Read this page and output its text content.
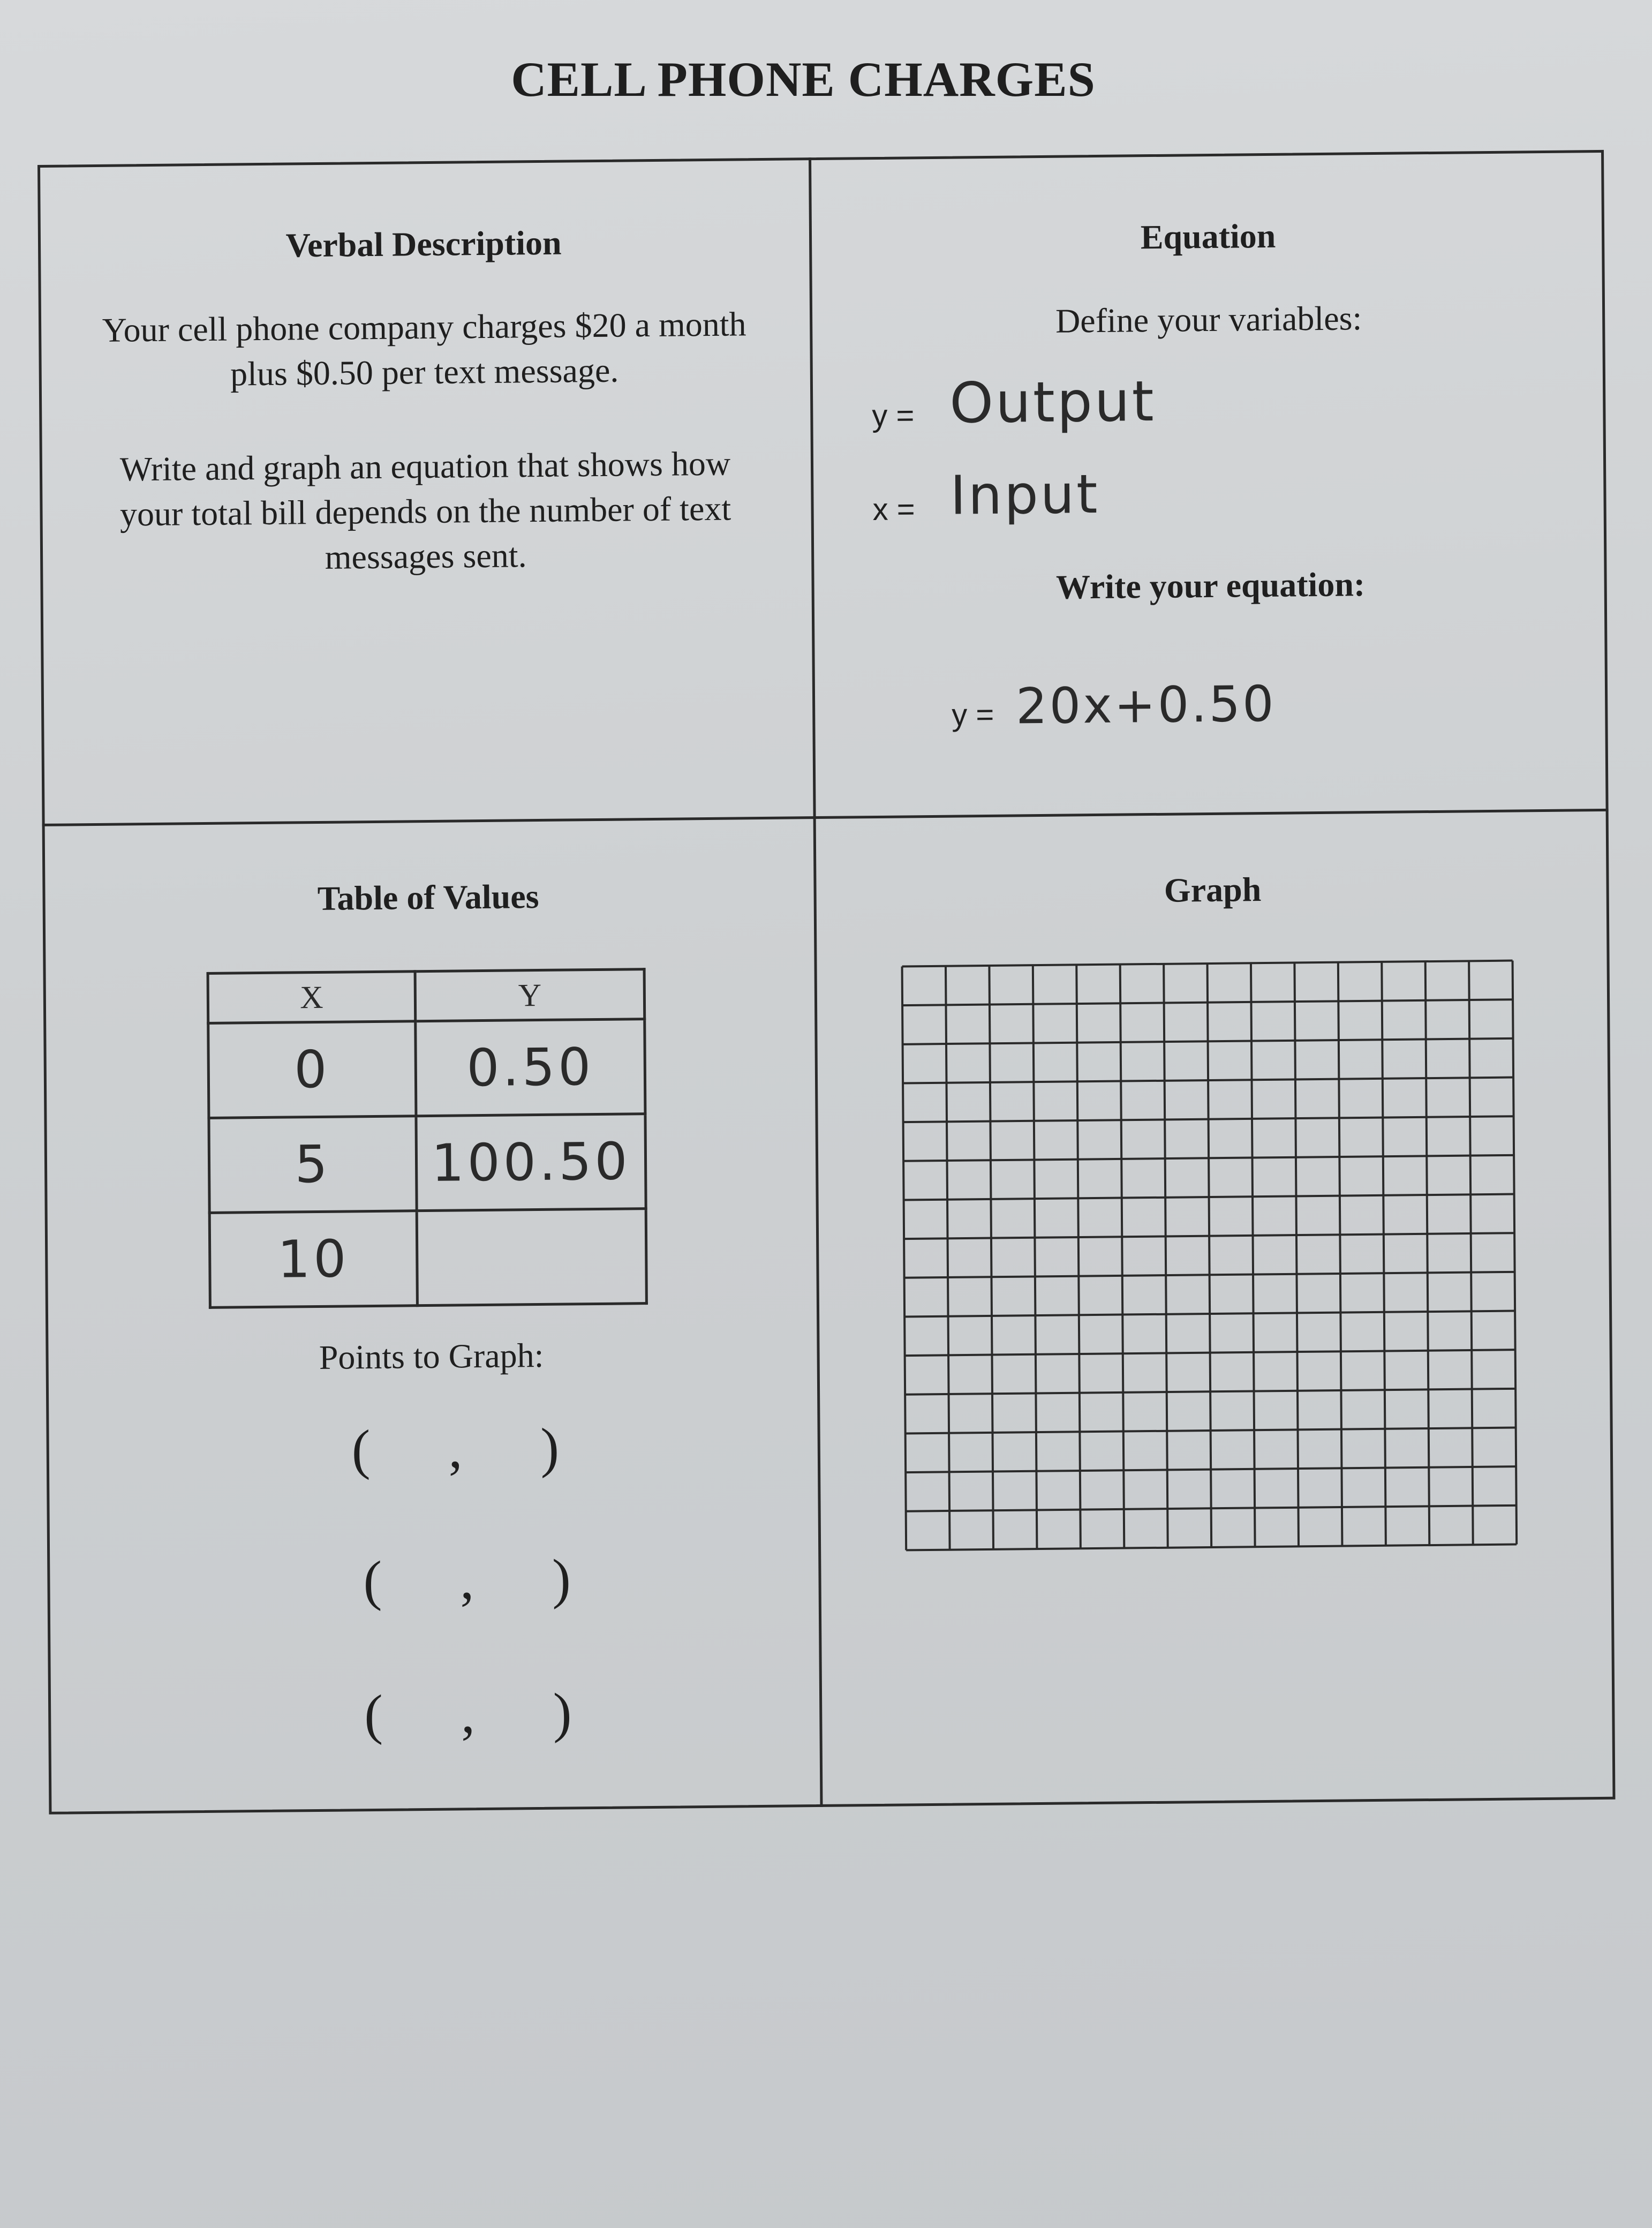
CELL PHONE CHARGES
Verbal Description
Your cell phone company charges $20 a month
plus $0.50 per text message.
Write and graph an equation that shows how
your total bill depends on the number of text
messages sent.
Equation
Define your variables:
y = Output
x = Input
Write your equation:
y = 20x+0.50
Table of Values
X	Y
0	0.50
5	100.50
10	
Points to Graph:
( , )
( , )
( , )
Graph
